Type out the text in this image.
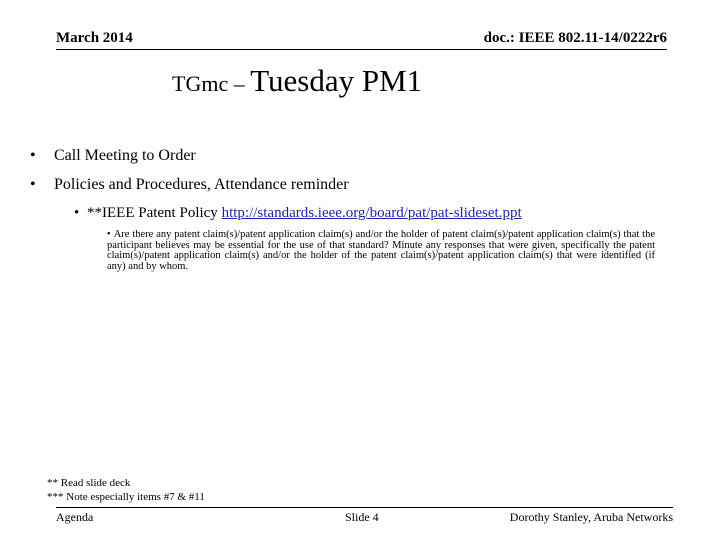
March 2014	doc.: IEEE 802.11-14/0222r6
TGmc – Tuesday PM1
• Call Meeting to Order
• Policies and Procedures, Attendance reminder
• **IEEE Patent Policy http://standards.ieee.org/board/pat/pat-slideset.ppt
• Are there any patent claim(s)/patent application claim(s) and/or the holder of patent claim(s)/patent application claim(s) that the participant believes may be essential for the use of that standard? Minute any responses that were given, specifically the patent claim(s)/patent application claim(s) and/or the holder of the patent claim(s)/patent application claim(s) that were identified (if any) and by whom.
** Read slide deck
*** Note especially items #7 & #11
Agenda	Slide 4	Dorothy Stanley, Aruba Networks
